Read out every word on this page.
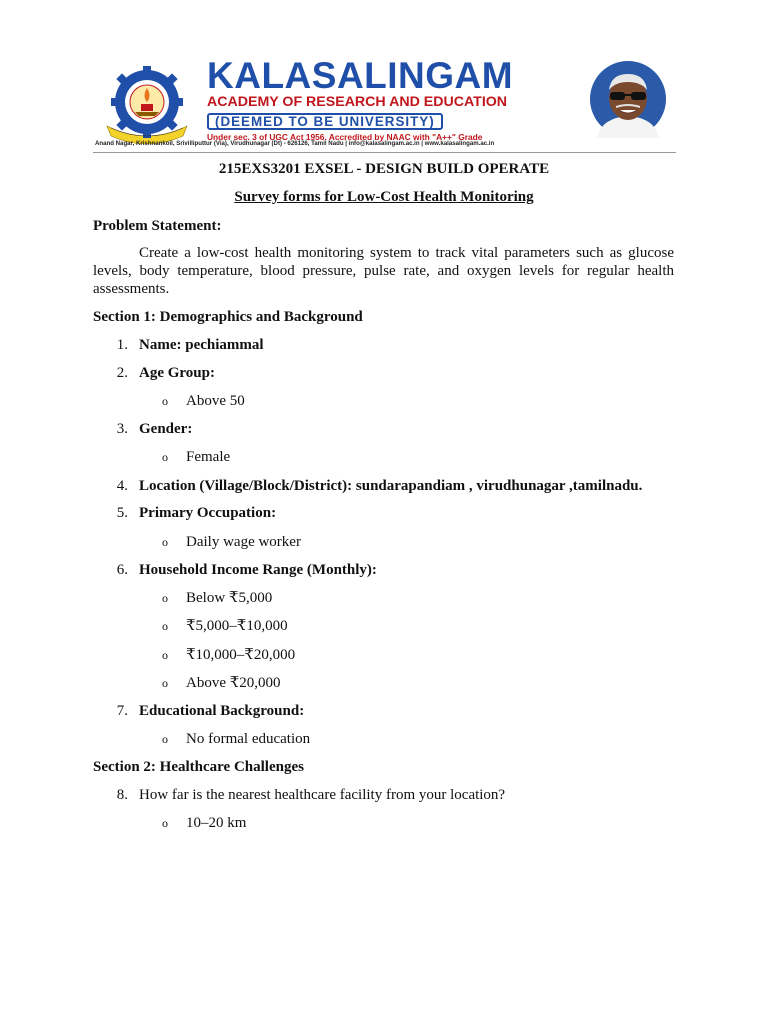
KALASALINGAM
ACADEMY OF RESEARCH AND EDUCATION
(DEEMED TO BE UNIVERSITY)
Under sec. 3 of UGC Act 1956. Accredited by NAAC with "A++" Grade
Anand Nagar, Krishnankoil, Srivilliputtur (Via), Virudhunagar (Dt) - 626126, Tamil Nadu | info@kalasalingam.ac.in | www.kalasalingam.ac.in
215EXS3201 EXSEL - DESIGN BUILD OPERATE
Survey forms for Low-Cost Health Monitoring
Problem Statement:
Create a low-cost health monitoring system to track vital parameters such as glucose levels, body temperature, blood pressure, pulse rate, and oxygen levels for regular health assessments.
Section 1: Demographics and Background
1. Name: pechiammal
2. Age Group:
o Above 50
3. Gender:
o Female
4. Location (Village/Block/District): sundarapandiam , virudhunagar ,tamilnadu.
5. Primary Occupation:
o Daily wage worker
6. Household Income Range (Monthly):
o Below ₹5,000
o ₹5,000–₹10,000
o ₹10,000–₹20,000
o Above ₹20,000
7. Educational Background:
o No formal education
Section 2: Healthcare Challenges
8. How far is the nearest healthcare facility from your location?
o 10–20 km
